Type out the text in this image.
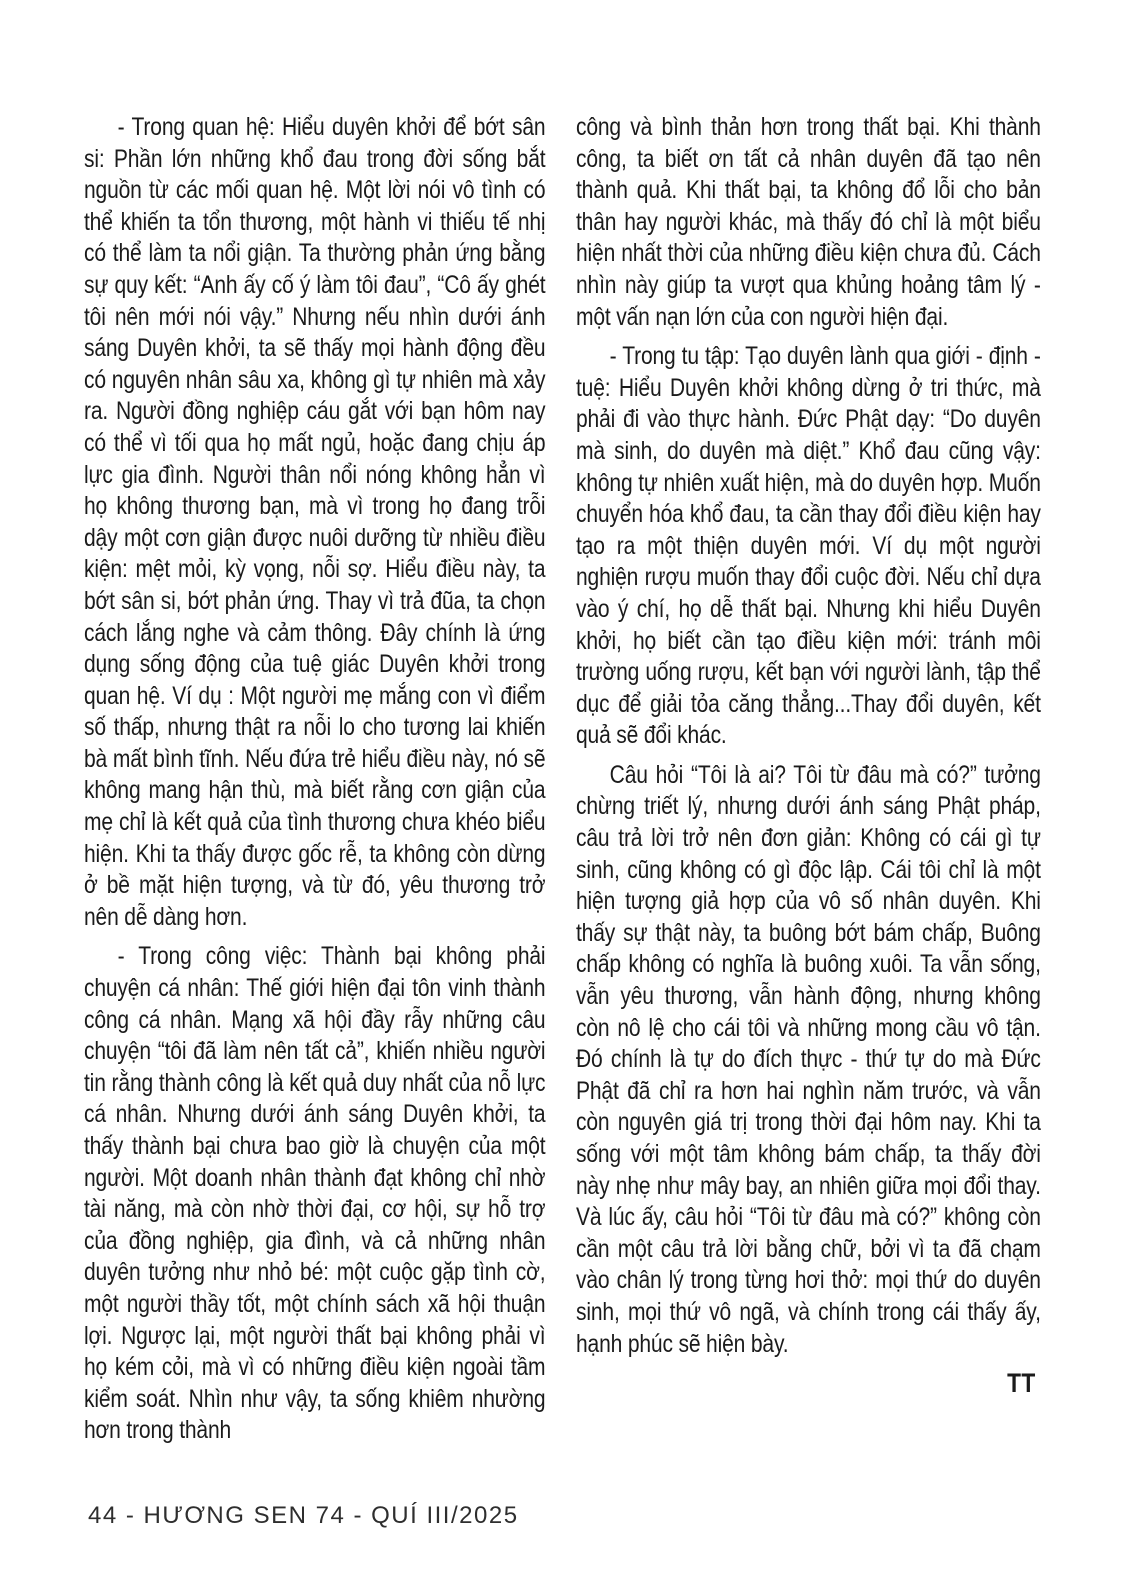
- Trong quan hệ: Hiểu duyên khởi để bớt sân si: Phần lớn những khổ đau trong đời sống bắt nguồn từ các mối quan hệ. Một lời nói vô tình có thể khiến ta tổn thương, một hành vi thiếu tế nhị có thể làm ta nổi giận. Ta thường phản ứng bằng sự quy kết: “Anh ấy cố ý làm tôi đau”, “Cô ấy ghét tôi nên mới nói vậy.” Nhưng nếu nhìn dưới ánh sáng Duyên khởi, ta sẽ thấy mọi hành động đều có nguyên nhân sâu xa, không gì tự nhiên mà xảy ra. Người đồng nghiệp cáu gắt với bạn hôm nay có thể vì tối qua họ mất ngủ, hoặc đang chịu áp lực gia đình. Người thân nổi nóng không hẳn vì họ không thương bạn, mà vì trong họ đang trỗi dậy một cơn giận được nuôi dưỡng từ nhiều điều kiện: mệt mỏi, kỳ vọng, nỗi sợ. Hiểu điều này, ta bớt sân si, bớt phản ứng. Thay vì trả đũa, ta chọn cách lắng nghe và cảm thông. Đây chính là ứng dụng sống động của tuệ giác Duyên khởi trong quan hệ. Ví dụ : Một người mẹ mắng con vì điểm số thấp, nhưng thật ra nỗi lo cho tương lai khiến bà mất bình tĩnh. Nếu đứa trẻ hiểu điều này, nó sẽ không mang hận thù, mà biết rằng cơn giận của mẹ chỉ là kết quả của tình thương chưa khéo biểu hiện. Khi ta thấy được gốc rễ, ta không còn dừng ở bề mặt hiện tượng, và từ đó, yêu thương trở nên dễ dàng hơn.

- Trong công việc: Thành bại không phải chuyện cá nhân: Thế giới hiện đại tôn vinh thành công cá nhân. Mạng xã hội đầy rẫy những câu chuyện “tôi đã làm nên tất cả”, khiến nhiều người tin rằng thành công là kết quả duy nhất của nỗ lực cá nhân. Nhưng dưới ánh sáng Duyên khởi, ta thấy thành bại chưa bao giờ là chuyện của một người. Một doanh nhân thành đạt không chỉ nhờ tài năng, mà còn nhờ thời đại, cơ hội, sự hỗ trợ của đồng nghiệp, gia đình, và cả những nhân duyên tưởng như nhỏ bé: một cuộc gặp tình cờ, một người thầy tốt, một chính sách xã hội thuận lợi. Ngược lại, một người thất bại không phải vì họ kém cỏi, mà vì có những điều kiện ngoài tầm kiểm soát. Nhìn như vậy, ta sống khiêm nhường hơn trong thành

công và bình thản hơn trong thất bại. Khi thành công, ta biết ơn tất cả nhân duyên đã tạo nên thành quả. Khi thất bại, ta không đổ lỗi cho bản thân hay người khác, mà thấy đó chỉ là một biểu hiện nhất thời của những điều kiện chưa đủ. Cách nhìn này giúp ta vượt qua khủng hoảng tâm lý - một vấn nạn lớn của con người hiện đại.

- Trong tu tập: Tạo duyên lành qua giới - định - tuệ: Hiểu Duyên khởi không dừng ở tri thức, mà phải đi vào thực hành. Đức Phật dạy: “Do duyên mà sinh, do duyên mà diệt.” Khổ đau cũng vậy: không tự nhiên xuất hiện, mà do duyên hợp. Muốn chuyển hóa khổ đau, ta cần thay đổi điều kiện hay tạo ra một thiện duyên mới. Ví dụ một người nghiện rượu muốn thay đổi cuộc đời. Nếu chỉ dựa vào ý chí, họ dễ thất bại. Nhưng khi hiểu Duyên khởi, họ biết cần tạo điều kiện mới: tránh môi trường uống rượu, kết bạn với người lành, tập thể dục để giải tỏa căng thẳng...Thay đổi duyên, kết quả sẽ đổi khác.

Câu hỏi “Tôi là ai? Tôi từ đâu mà có?” tưởng chừng triết lý, nhưng dưới ánh sáng Phật pháp, câu trả lời trở nên đơn giản: Không có cái gì tự sinh, cũng không có gì độc lập. Cái tôi chỉ là một hiện tượng giả hợp của vô số nhân duyên. Khi thấy sự thật này, ta buông bớt bám chấp, Buông chấp không có nghĩa là buông xuôi. Ta vẫn sống, vẫn yêu thương, vẫn hành động, nhưng không còn nô lệ cho cái tôi và những mong cầu vô tận. Đó chính là tự do đích thực - thứ tự do mà Đức Phật đã chỉ ra hơn hai nghìn năm trước, và vẫn còn nguyên giá trị trong thời đại hôm nay. Khi ta sống với một tâm không bám chấp, ta thấy đời này nhẹ như mây bay, an nhiên giữa mọi đổi thay. Và lúc ấy, câu hỏi “Tôi từ đâu mà có?” không còn cần một câu trả lời bằng chữ, bởi vì ta đã chạm vào chân lý trong từng hơi thở: mọi thứ do duyên sinh, mọi thứ vô ngã, và chính trong cái thấy ấy, hạnh phúc sẽ hiện bày.

TT
44 - HƯƠNG SEN 74 - QUÍ III/2025
